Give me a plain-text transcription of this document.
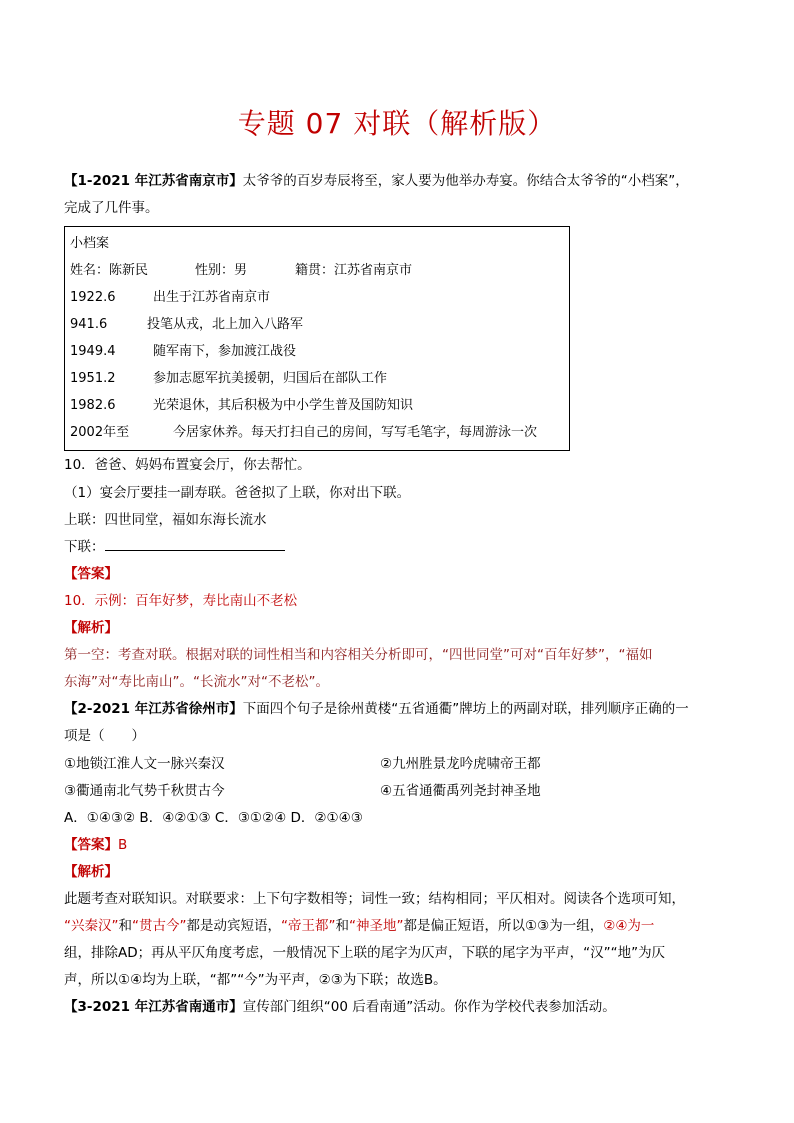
专题 07 对联（解析版）
【1-2021 年江苏省南京市】太爷爷的百岁寿辰将至，家人要为他举办寿宴。你结合太爷爷的“小档案”，
完成了几件事。
小档案
姓名：陈新民	性别：男	籍贯：江苏省南京市
1922.6	出生于江苏省南京市
941.6	投笔从戎，北上加入八路军
1949.4	随军南下，参加渡江战役
1951.2	参加志愿军抗美援朝，归国后在部队工作
1982.6	光荣退休，其后积极为中小学生普及国防知识
2002年至	今居家休养。每天打扫自己的房间，写写毛笔字，每周游泳一次
10．爸爸、妈妈布置宴会厅，你去帮忙。
（1）宴会厅要挂一副寿联。爸爸拟了上联，你对出下联。
上联：四世同堂，福如东海长流水
下联：
【答案】
10．示例：百年好梦，寿比南山不老松
【解析】
第一空：考查对联。根据对联的词性相当和内容相关分析即可，“四世同堂”可对“百年好梦”，“福如
东海”对“寿比南山”。“长流水”对“不老松”。
【2-2021 年江苏省徐州市】下面四个句子是徐州黄楼“五省通衢”牌坊上的两副对联，排列顺序正确的一
项是（　　）
①地锁江淮人文一脉兴秦汉	②九州胜景龙吟虎啸帝王都
③衢通南北气势千秋贯古今	④五省通衢禹列尧封神圣地
A．①④③② B．④②①③ C．③①②④ D．②①④③
【答案】B
【解析】
此题考查对联知识。对联要求：上下句字数相等；词性一致；结构相同；平仄相对。阅读各个选项可知，
“兴秦汉”和“贯古今”都是动宾短语，“帝王都”和“神圣地”都是偏正短语，所以①③为一组，②④为一
组，排除AD；再从平仄角度考虑，一般情况下上联的尾字为仄声，下联的尾字为平声，“汉”“地”为仄
声，所以①④均为上联，“都”“今”为平声，②③为下联；故选B。
【3-2021 年江苏省南通市】宣传部门组织“00 后看南通”活动。你作为学校代表参加活动。
